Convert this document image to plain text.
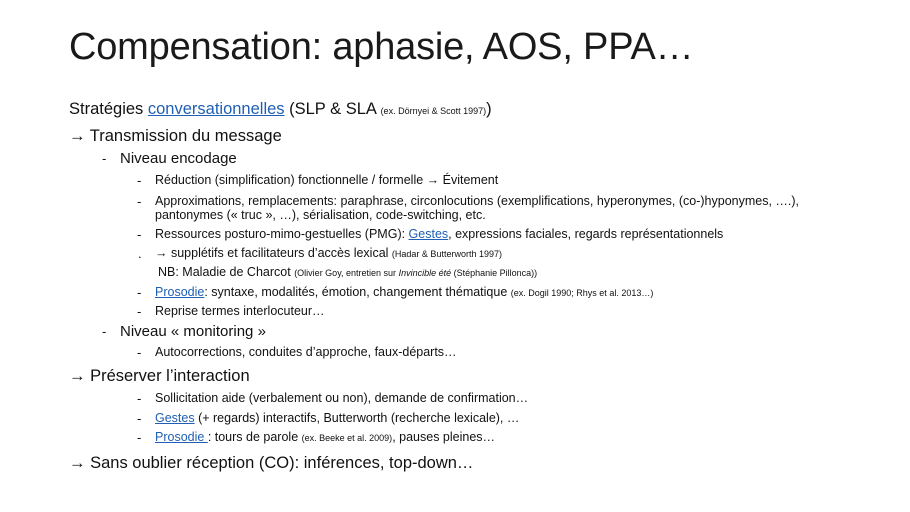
Compensation: aphasie, AOS, PPA…
Stratégies conversationnelles (SLP & SLA (ex. Dörnyei & Scott 1997))
→ Transmission du message
- Niveau encodage
- Réduction (simplification) fonctionnelle / formelle → Évitement
- Approximations, remplacements: paraphrase, circonlocutions (exemplifications, hyperonymes, (co-)hyponymes, ….),
pantonymes (« truc », …), sérialisation, code-switching, etc.
- Ressources posturo-mimo-gestuelles (PMG): Gestes, expressions faciales, regards représentationnels
. → supplétifs et facilitateurs d’accès lexical (Hadar & Butterworth 1997)
NB: Maladie de Charcot (Olivier Goy, entretien sur Invincible été (Stéphanie Pillonca))
- Prosodie: syntaxe, modalités, émotion, changement thématique (ex. Dogil 1990; Rhys et al. 2013…)
- Reprise termes interlocuteur…
- Niveau « monitoring »
- Autocorrections, conduites d’approche, faux-départs…
→ Préserver l’interaction
- Sollicitation aide (verbalement ou non), demande de confirmation…
- Gestes (+ regards) interactifs, Butterworth (recherche lexicale), …
- Prosodie : tours de parole (ex. Beeke et al. 2009), pauses pleines…
→ Sans oublier réception (CO): inférences, top-down…
